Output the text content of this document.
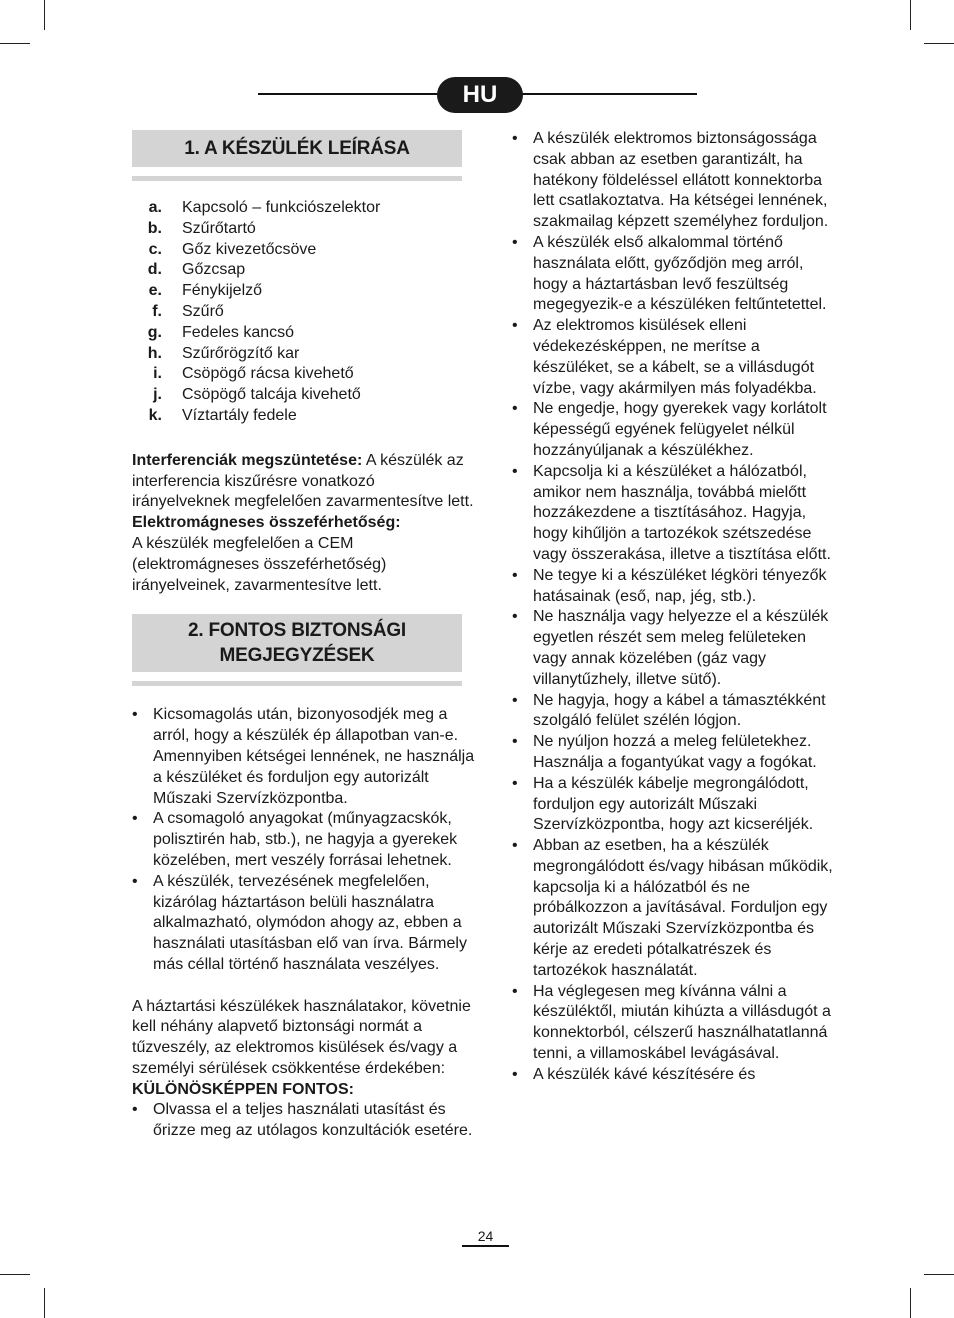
HU
1. A KÉSZÜLÉK LEÍRÁSA
a.	Kapcsoló – funkciószelektor
b.	Szűrőtartó
c.	Gőz kivezetőcsöve
d.	Gőzcsap
e.	Fénykijelző
f.	Szűrő
g.	Fedeles kancsó
h.	Szűrőrögzítő kar
i.	Csöpögő rácsa kivehető
j.	Csöpögő talcája kivehető
k.	Víztartály fedele

Interferenciák megszüntetése: A készülék az interferencia kiszűrésre vonatkozó irányelveknek megfelelően zavarmentesítve lett.

Elektromágneses összeférhetőség:

A készülék megfelelően a CEM (elektromágneses összeférhetőség) irányelveinek, zavarmentesítve lett.

2. FONTOS BIZTONSÁGI
MEGJEGYZÉSEK
• Kicsomagolás után, bizonyosodjék meg a arról, hogy a készülék ép állapotban van-e. Amennyiben kétségei lennének, ne használja a készüléket és forduljon egy autorizált Műszaki Szervízközpontba.
• A csomagoló anyagokat (műnyagzacskók, polisztirén hab, stb.), ne hagyja a gyerekek közelében, mert veszély forrásai lehetnek.
• A készülék, tervezésének megfelelően, kizárólag háztartáson belüli használatra alkalmazható, olymódon ahogy az, ebben a használati utasításban elő van írva. Bármely más céllal történő használata veszélyes.

A háztartási készülékek használatakor, követnie kell néhány alapvető biztonsági normát a tűzveszély, az elektromos kisülések és/vagy a személyi sérülések csökkentése érdekében:

KÜLÖNÖSKÉPPEN FONTOS:

• Olvassa el a teljes használati utasítást és őrizze meg az utólagos konzultációk esetére.
• A készülék elektromos biztonságossága csak abban az esetben garantizált, ha hatékony földeléssel ellátott konnektorba lett csatlakoztatva. Ha kétségei lennének, szakmailag képzett személyhez forduljon.
• A készülék első alkalommal történő használata előtt, győződjön meg arról, hogy a háztartásban levő feszültség megegyezik-e a készüléken feltűntetettel.
• Az elektromos kisülések elleni védekezésképpen, ne merítse a készüléket, se a kábelt, se a villásdugót vízbe, vagy akármilyen más folyadékba.
• Ne engedje, hogy gyerekek vagy korlátolt képességű egyének felügyelet nélkül hozzányúljanak a készülékhez.
• Kapcsolja ki a készüléket a hálózatból, amikor nem használja, továbbá mielőtt hozzákezdene a tisztításához. Hagyja, hogy kihűljön a tartozékok szétszedése vagy összerakása, illetve a tisztítása előtt.
• Ne tegye ki a készüléket légköri tényezők hatásainak (eső, nap, jég, stb.).
• Ne használja vagy helyezze el a készülék egyetlen részét sem meleg felületeken vagy annak közelében (gáz vagy villanytűzhely, illetve sütő).
• Ne hagyja, hogy a kábel a támasztékként szolgáló felület szélén lógjon.
• Ne nyúljon hozzá a meleg felületekhez. Használja a fogantyúkat vagy a fogókat.
• Ha a készülék kábelje megrongálódott, forduljon egy autorizált Műszaki Szervízközpontba, hogy azt kicseréljék.
• Abban az esetben, ha a készülék megrongálódott és/vagy hibásan működik, kapcsolja ki a hálózatból és ne próbálkozzon a javításával. Forduljon egy autorizált Műszaki Szervízközpontba és kérje az eredeti pótalkatrészek és tartozékok használatát.
• Ha véglegesen meg kívánna válni a készüléktől, miután kihúzta a villásdugót a konnektorból, célszerű használhatatlanná tenni, a villamoskábel levágásával.
• A készülék kávé készítésére és
24
